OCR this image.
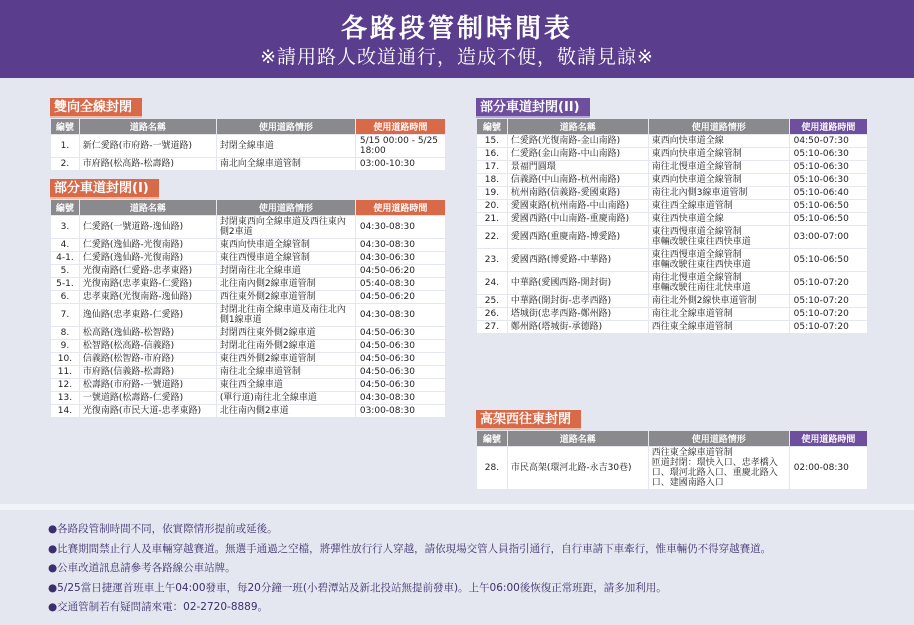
各路段管制時間表
※請用路人改道通行，造成不便，敬請見諒※
雙向全線封閉
編號	道路名稱	使用道路情形	使用道路時間
1.	新仁愛路(市府路-一號道路)	封閉全線車道	5/15 00:00 - 5/25 18:00
2.	市府路(松高路-松壽路)	南北向全線車道管制	03:00-10:30
部分車道封閉(I)
編號	道路名稱	使用道路情形	使用道路時間
3.	仁愛路(一號道路-逸仙路)	封閉東西向全線車道及西往東內側2車道	04:30-08:30
4.	仁愛路(逸仙路-光復南路)	東西向快車道全線管制	04:30-08:30
4-1.	仁愛路(逸仙路-光復南路)	東往西慢車道全線管制	04:30-06:30
5.	光復南路(仁愛路-忠孝東路)	封閉南往北全線車道	04:50-06:20
5-1.	光復南路(忠孝東路-仁愛路)	北往南內側2線車道管制	05:40-08:30
6.	忠孝東路(光復南路-逸仙路)	西往東外側2線車道管制	04:50-06:20
7.	逸仙路(忠孝東路-仁愛路)	封閉北往南全線車道及南往北內側1線車道	04:30-08:30
8.	松高路(逸仙路-松智路)	封閉西往東外側2線車道	04:50-06:30
9.	松智路(松高路-信義路)	封閉北往南外側2線車道	04:50-06:30
10.	信義路(松智路-市府路)	東往西外側2線車道管制	04:50-06:30
11.	市府路(信義路-松壽路)	南往北全線車道管制	04:50-06:30
12.	松壽路(市府路-一號道路)	東往西全線車道	04:50-06:30
13.	一號道路(松壽路-仁愛路)	(單行道)南往北全線車道	04:30-08:30
14.	光復南路(市民大道-忠孝東路)	北往南內側2車道	03:00-08:30
部分車道封閉(II)
編號	道路名稱	使用道路情形	使用道路時間
15.	仁愛路(光復南路-金山南路)	東西向快車道全線	04:50-07:30
16.	仁愛路(金山南路-中山南路)	東西向快車道全線管制	05:10-06:30
17.	景福門圓環	南往北慢車道全線管制	05:10-06:30
18.	信義路(中山南路-杭州南路)	東西向快車道全線管制	05:10-06:30
19.	杭州南路(信義路-愛國東路)	南往北內側3線車道管制	05:10-06:40
20.	愛國東路(杭州南路-中山南路)	東往西全線車道管制	05:10-06:50
21.	愛國西路(中山南路-重慶南路)	東往西快車道全線	05:10-06:50
22.	愛國西路(重慶南路-博愛路)	東往西慢車道全線管制
車輛改駛往東往西快車道	03:00-07:00
23.	愛國西路(博愛路-中華路)	東往西慢車道全線管制
車輛改駛往東往西快車道	05:10-06:50
24.	中華路(愛國西路-開封街)	南往北慢車道全線管制
車輛改駛往南往北快車道	05:10-07:20
25.	中華路(開封街-忠孝西路)	南往北外側2線快車道管制	05:10-07:20
26.	塔城街(忠孝西路-鄭州路)	南往北全線車道管制	05:10-07:20
27.	鄭州路(塔城街-承德路)	西往東全線車道管制	05:10-07:20
高架西往東封閉
編號	道路名稱	使用道路情形	使用道路時間
28.	市民高架(環河北路-永吉30巷)	西往東全線車道管制
匝道封閉：環快入口、忠孝橋入口、環河北路入口、重慶北路入口、建國南路入口	02:00-08:30
●各路段管制時間不同，依實際情形提前或延後。
●比賽期間禁止行人及車輛穿越賽道。無選手通過之空檔，將彈性放行行人穿越，請依現場交管人員指引通行，自行車請下車牽行，惟車輛仍不得穿越賽道。
●公車改道訊息請參考各路線公車站牌。
●5/25當日捷運首班車上午04:00發車，每20分鐘一班(小碧潭站及新北投站無提前發車)。上午06:00後恢復正常班距，請多加利用。
●交通管制若有疑問請來電：02-2720-8889。
